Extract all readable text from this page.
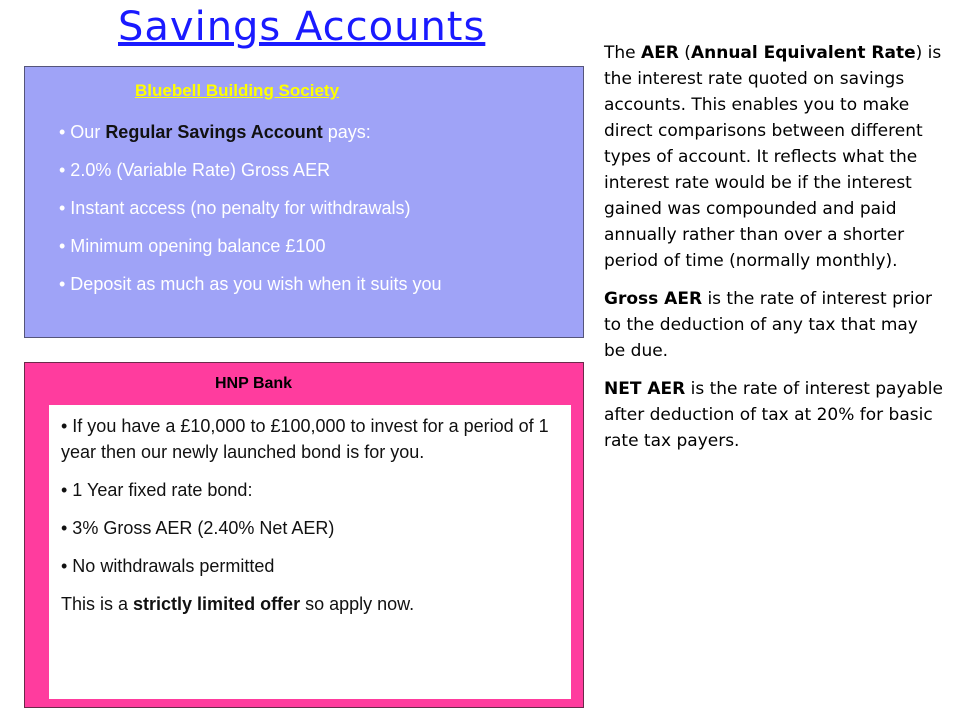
Savings Accounts
Bluebell Building Society
• Our Regular Savings Account pays:
• 2.0% (Variable Rate) Gross AER
• Instant access (no penalty for withdrawals)
• Minimum opening balance £100
• Deposit as much as you wish when it suits you
HNP Bank

• If you have a £10,000 to £100,000 to invest for a period of 1 year then our newly launched bond is for you.

• 1 Year fixed rate bond:

• 3% Gross AER (2.40% Net AER)

• No withdrawals permitted

This is a strictly limited offer so apply now.

The AER (Annual Equivalent Rate) is the interest rate quoted on savings accounts. This enables you to make direct comparisons between different types of account. It reflects what the interest rate would be if the interest gained was compounded and paid annually rather than over a shorter period of time (normally monthly).

Gross AER is the rate of interest prior to the deduction of any tax that may be due.

NET AER is the rate of interest payable after deduction of tax at 20% for basic rate tax payers.
